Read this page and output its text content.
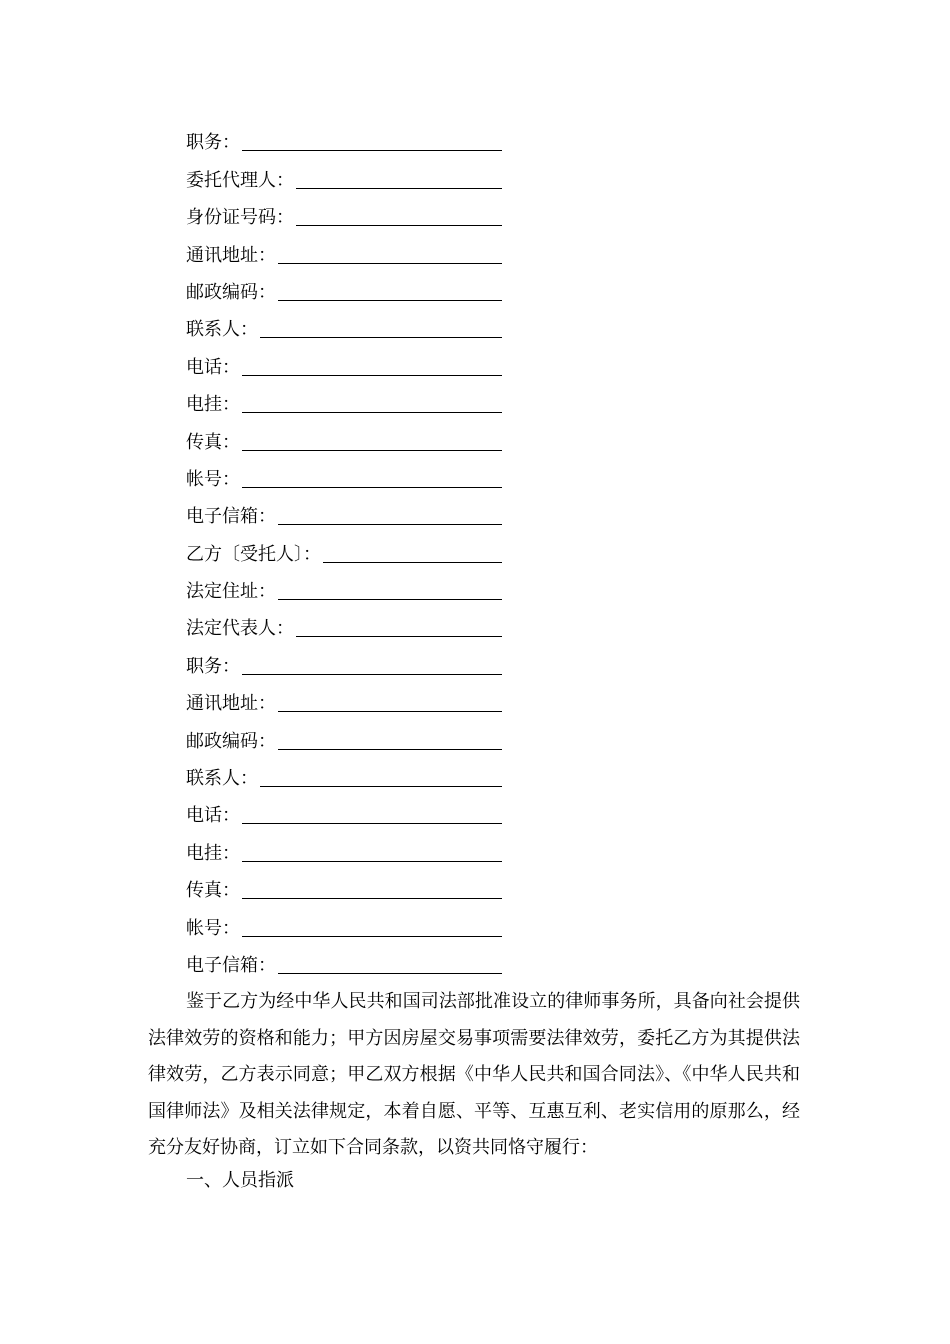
职务：
委托代理人：
身份证号码：
通讯地址：
邮政编码：
联系人：
电话：
电挂：
传真：
帐号：
电子信箱：
乙方〔受托人〕：
法定住址：
法定代表人：
职务：
通讯地址：
邮政编码：
联系人：
电话：
电挂：
传真：
帐号：
电子信箱：

鉴于乙方为经中华人民共和国司法部批准设立的律师事务所，具备向社会提供法律效劳的资格和能力；甲方因房屋交易事项需要法律效劳，委托乙方为其提供法律效劳，乙方表示同意；甲乙双方根据《中华人民共和国合同法》、《中华人民共和国律师法》及相关法律规定，本着自愿、平等、互惠互利、老实信用的原那么，经充分友好协商，订立如下合同条款，以资共同恪守履行：

一、人员指派
